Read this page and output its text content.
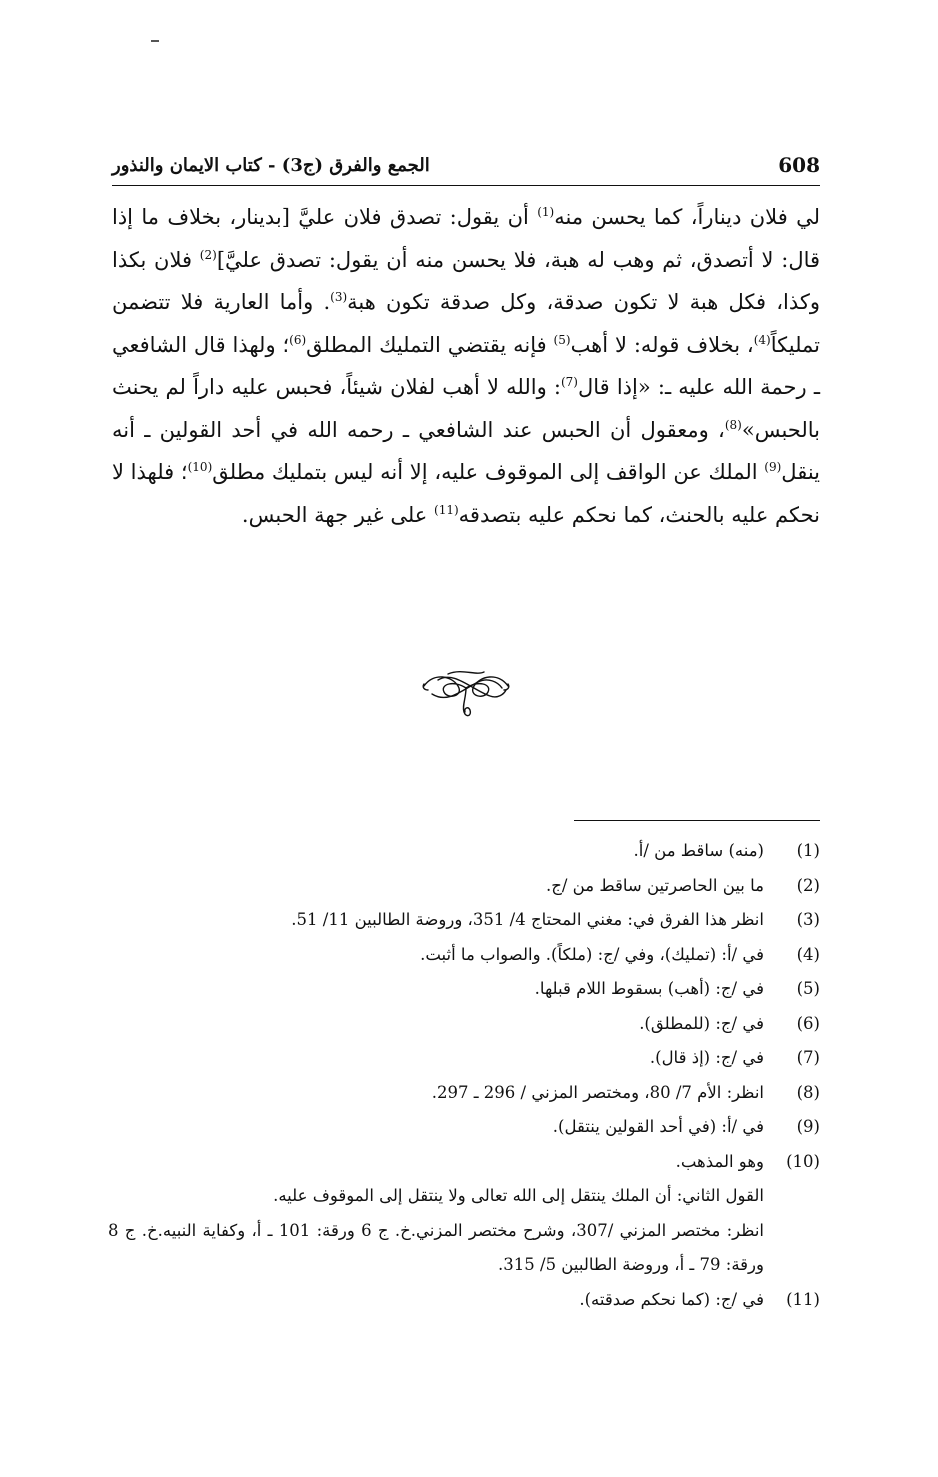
608
الجمع والفرق (ج3) - كتاب الايمان والنذور
لي فلان ديناراً، كما يحسن منه$^{(1)}$ أن يقول: تصدق فلان عليَّ [بدينار، بخلاف ما إذا قال: لا أتصدق، ثم وهب له هبة، فلا يحسن منه أن يقول: تصدق عليَّ]$^{(2)}$ فلان بكذا وكذا، فكل هبة لا تكون صدقة، وكل صدقة تكون هبة$^{(3)}$. وأما العارية فلا تتضمن تمليكاً$^{(4)}$، بخلاف قوله: لا أهب$^{(5)}$ فإنه يقتضي التمليك المطلق$^{(6)}$؛ ولهذا قال الشافعي ـ رحمة الله عليه ـ: «إذا قال$^{(7)}$: والله لا أهب لفلان شيئاً، فحبس عليه داراً لم يحنث بالحبس»$^{(8)}$، ومعقول أن الحبس عند الشافعي ـ رحمه الله في أحد القولين ـ أنه ينقل$^{(9)}$ الملك عن الواقف إلى الموقوف عليه، إلا أنه ليس بتمليك مطلق$^{(10)}$؛ فلهذا لا نحكم عليه بالحنث، كما نحكم عليه بتصدقه$^{(11)}$ على غير جهة الحبس.
(1)
(منه) ساقط من /أ.
(2)
ما بين الحاصرتين ساقط من /ج.
(3)
انظر هذا الفرق في: مغني المحتاج 4/ 351، وروضة الطالبين 11/ 51.
(4)
في /أ: (تمليك)، وفي /ج: (ملكاً). والصواب ما أثبت.
(5)
في /ج: (أهب) بسقوط اللام قبلها.
(6)
في /ج: (للمطلق).
(7)
في /ج: (إذ قال).
(8)
انظر: الأم 7/ 80، ومختصر المزني / 296 ـ 297.
(9)
في /أ: (في أحد القولين ينتقل).
(10)
وهو المذهب.
القول الثاني: أن الملك ينتقل إلى الله تعالى ولا ينتقل إلى الموقوف عليه.
انظر: مختصر المزني /307، وشرح مختصر المزني.خ. ج 6 ورقة: 101 ـ أ، وكفاية النبيه.خ. ج 8 ورقة: 79 ـ أ، وروضة الطالبين 5/ 315.
(11)
في /ج: (كما نحكم صدقته).
